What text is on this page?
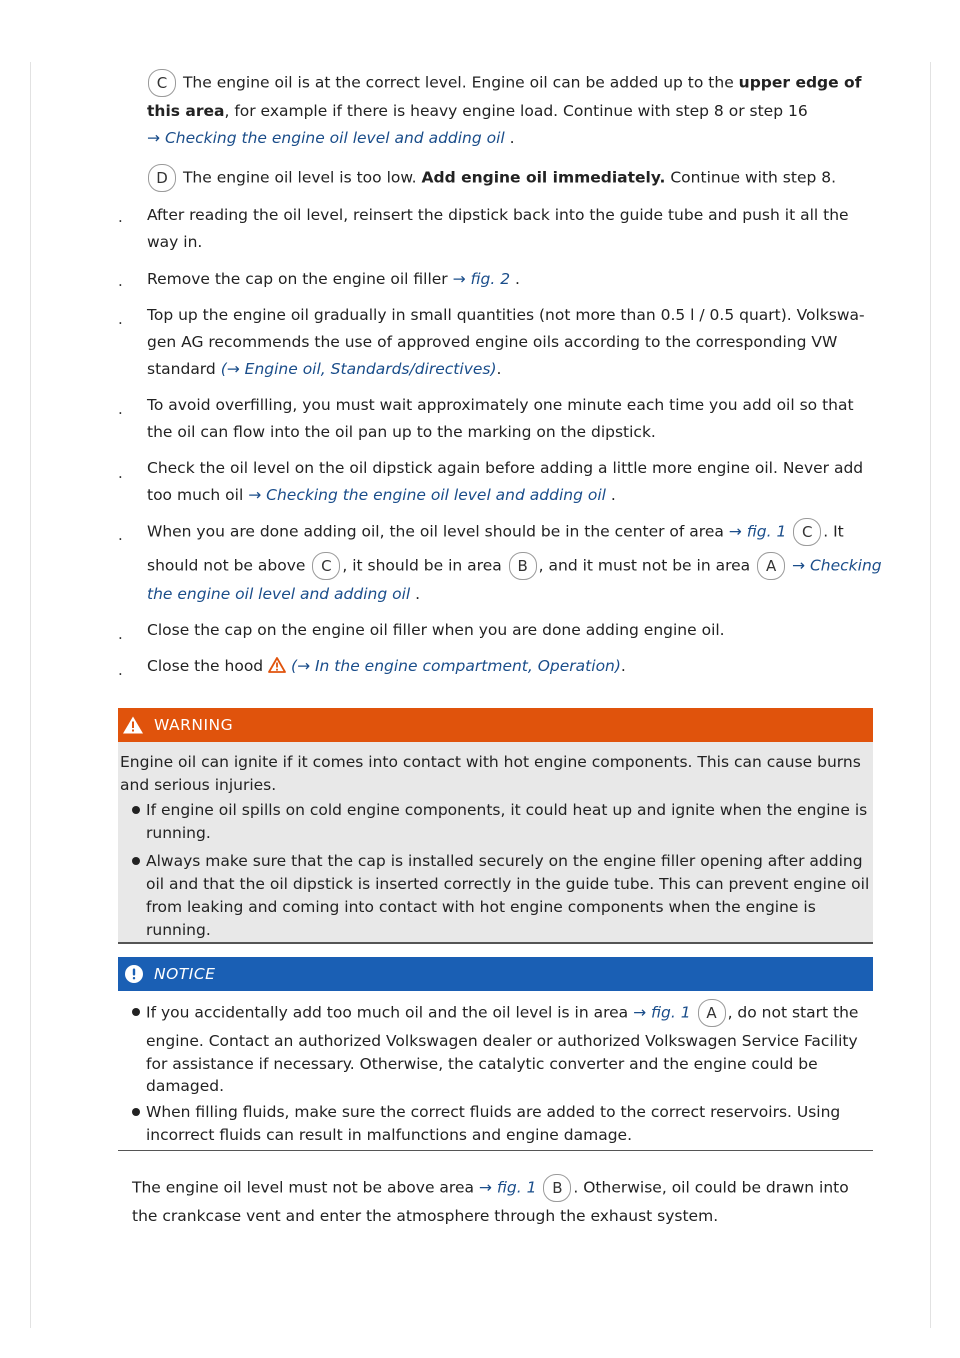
C The engine oil is at the correct level. Engine oil can be added up to the upper edge of
this area, for example if there is heavy engine load. Continue with step 8 or step 16
→ Checking the engine oil level and adding oil .
D The engine oil level is too low. Add engine oil immediately. Continue with step 8.
. After reading the oil level, reinsert the dipstick back into the guide tube and push it all the
way in.
. Remove the cap on the engine oil filler → fig. 2 .
. Top up the engine oil gradually in small quantities (not more than 0.5 l / 0.5 quart). Volkswa-
gen AG recommends the use of approved engine oils according to the corresponding VW
standard (→ Engine oil, Standards/directives).
. To avoid overfilling, you must wait approximately one minute each time you add oil so that
the oil can flow into the oil pan up to the marking on the dipstick.
. Check the oil level on the oil dipstick again before adding a little more engine oil. Never add
too much oil → Checking the engine oil level and adding oil .
. When you are done adding oil, the oil level should be in the center of area → fig. 1 C . It
should not be above C , it should be in area B , and it must not be in area A → Checking
the engine oil level and adding oil .
. Close the cap on the engine oil filler when you are done adding engine oil.
. Close the hood  (→ In the engine compartment, Operation).
WARNING
Engine oil can ignite if it comes into contact with hot engine components. This can cause burns
and serious injuries.
If engine oil spills on cold engine components, it could heat up and ignite when the engine is
running.
Always make sure that the cap is installed securely on the engine filler opening after adding
oil and that the oil dipstick is inserted correctly in the guide tube. This can prevent engine oil
from leaking and coming into contact with hot engine components when the engine is
running.
NOTICE
If you accidentally add too much oil and the oil level is in area → fig. 1 A , do not start the
engine. Contact an authorized Volkswagen dealer or authorized Volkswagen Service Facility
for assistance if necessary. Otherwise, the catalytic converter and the engine could be
damaged.
When filling fluids, make sure the correct fluids are added to the correct reservoirs. Using
incorrect fluids can result in malfunctions and engine damage.
The engine oil level must not be above area → fig. 1 B . Otherwise, oil could be drawn into
the crankcase vent and enter the atmosphere through the exhaust system.
